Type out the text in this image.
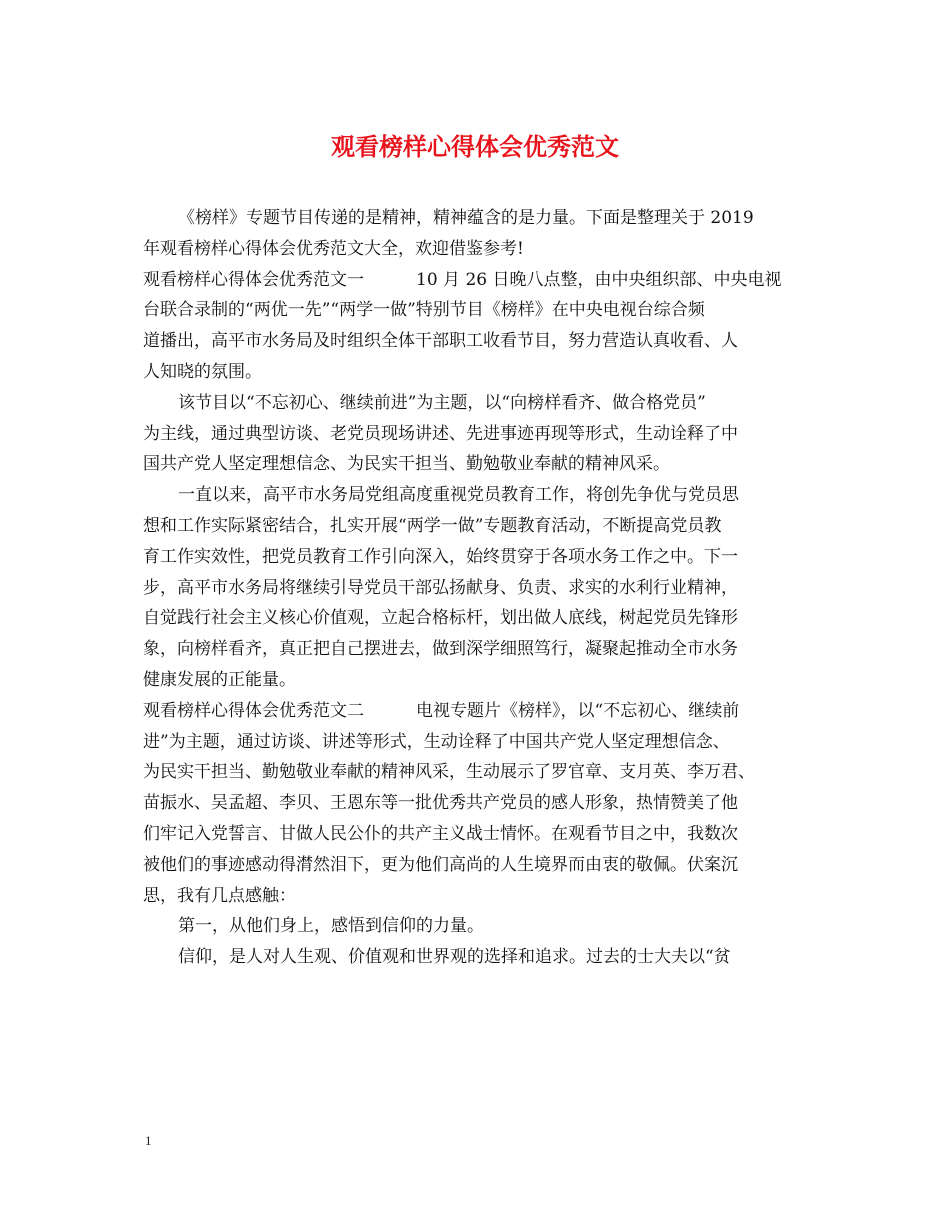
观看榜样心得体会优秀范文
《榜样》专题节目传递的是精神，精神蕴含的是力量。下面是整理关于 2019
年观看榜样心得体会优秀范文大全，欢迎借鉴参考!
观看榜样心得体会优秀范文一	10 月 26 日晚八点整，由中央组织部、中央电视
台联合录制的“两优一先”“两学一做”特别节目《榜样》在中央电视台综合频
道播出，高平市水务局及时组织全体干部职工收看节目，努力营造认真收看、人
人知晓的氛围。
该节目以“不忘初心、继续前进”为主题，以“向榜样看齐、做合格党员”
为主线，通过典型访谈、老党员现场讲述、先进事迹再现等形式，生动诠释了中
国共产党人坚定理想信念、为民实干担当、勤勉敬业奉献的精神风采。
一直以来，高平市水务局党组高度重视党员教育工作，将创先争优与党员思
想和工作实际紧密结合，扎实开展“两学一做”专题教育活动，不断提高党员教
育工作实效性，把党员教育工作引向深入，始终贯穿于各项水务工作之中。下一
步，高平市水务局将继续引导党员干部弘扬献身、负责、求实的水利行业精神，
自觉践行社会主义核心价值观，立起合格标杆，划出做人底线，树起党员先锋形
象，向榜样看齐，真正把自己摆进去，做到深学细照笃行，凝聚起推动全市水务
健康发展的正能量。
观看榜样心得体会优秀范文二	电视专题片《榜样》，以“不忘初心、继续前
进”为主题，通过访谈、讲述等形式，生动诠释了中国共产党人坚定理想信念、
为民实干担当、勤勉敬业奉献的精神风采，生动展示了罗官章、支月英、李万君、
苗振水、吴孟超、李贝、王恩东等一批优秀共产党员的感人形象，热情赞美了他
们牢记入党誓言、甘做人民公仆的共产主义战士情怀。在观看节目之中，我数次
被他们的事迹感动得潸然泪下，更为他们高尚的人生境界而由衷的敬佩。伏案沉
思，我有几点感触：
第一，从他们身上，感悟到信仰的力量。
信仰，是人对人生观、价值观和世界观的选择和追求。过去的士大夫以“贫
1
